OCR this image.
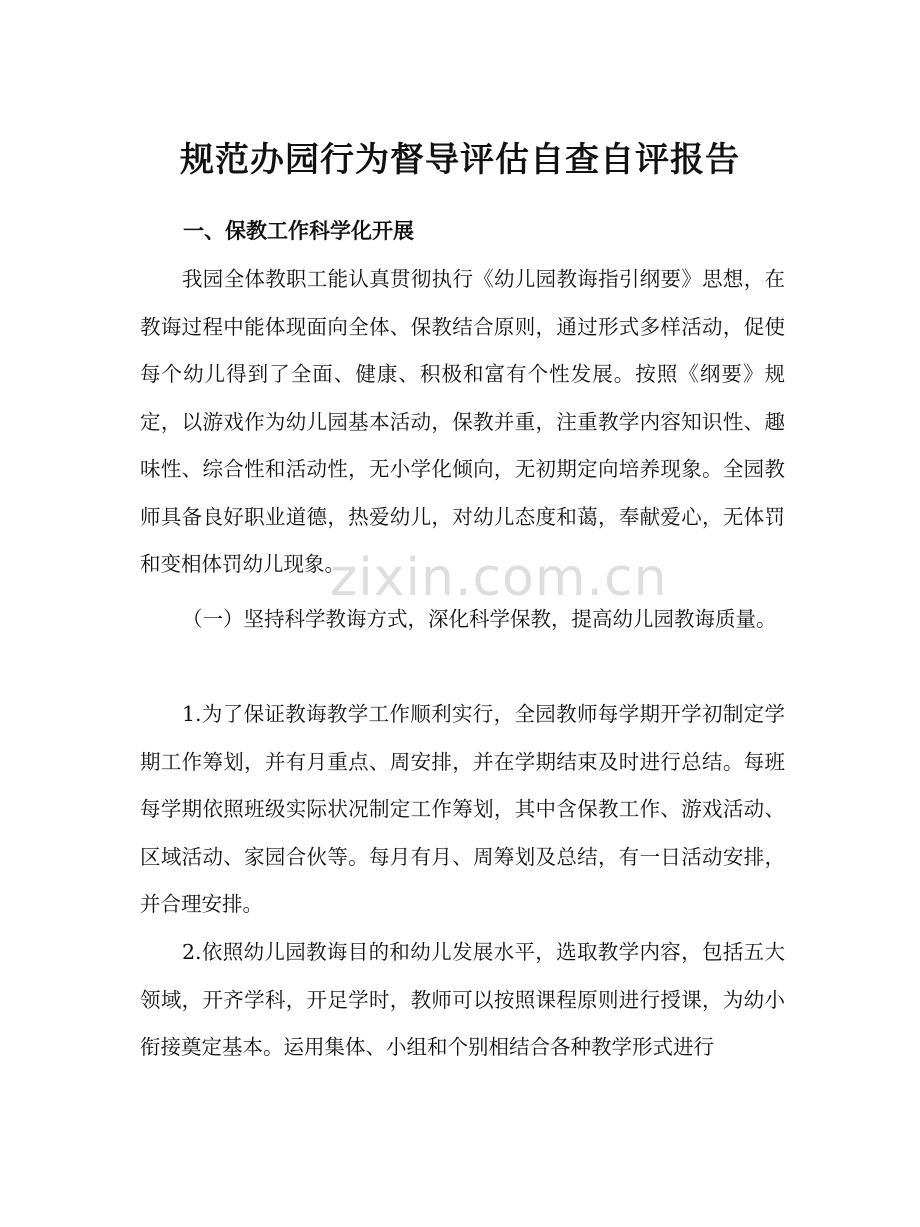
规范办园行为督导评估自查自评报告
一、保教工作科学化开展

我园全体教职工能认真贯彻执行《幼儿园教诲指引纲要》思想，在教诲过程中能体现面向全体、保教结合原则，通过形式多样活动，促使每个幼儿得到了全面、健康、积极和富有个性发展。按照《纲要》规定，以游戏作为幼儿园基本活动，保教并重，注重教学内容知识性、趣味性、综合性和活动性，无小学化倾向，无初期定向培养现象。全园教师具备良好职业道德，热爱幼儿，对幼儿态度和蔼，奉献爱心，无体罚和变相体罚幼儿现象。

（一）坚持科学教诲方式，深化科学保教，提高幼儿园教诲质量。

1.为了保证教诲教学工作顺利实行，全园教师每学期开学初制定学期工作筹划，并有月重点、周安排，并在学期结束及时进行总结。每班每学期依照班级实际状况制定工作筹划，其中含保教工作、游戏活动、区域活动、家园合伙等。每月有月、周筹划及总结，有一日活动安排，并合理安排。

2.依照幼儿园教诲目的和幼儿发展水平，选取教学内容，包括五大领域，开齐学科，开足学时，教师可以按照课程原则进行授课，为幼小衔接奠定基本。运用集体、小组和个别相结合各种教学形式进行

zixin.com.cn
